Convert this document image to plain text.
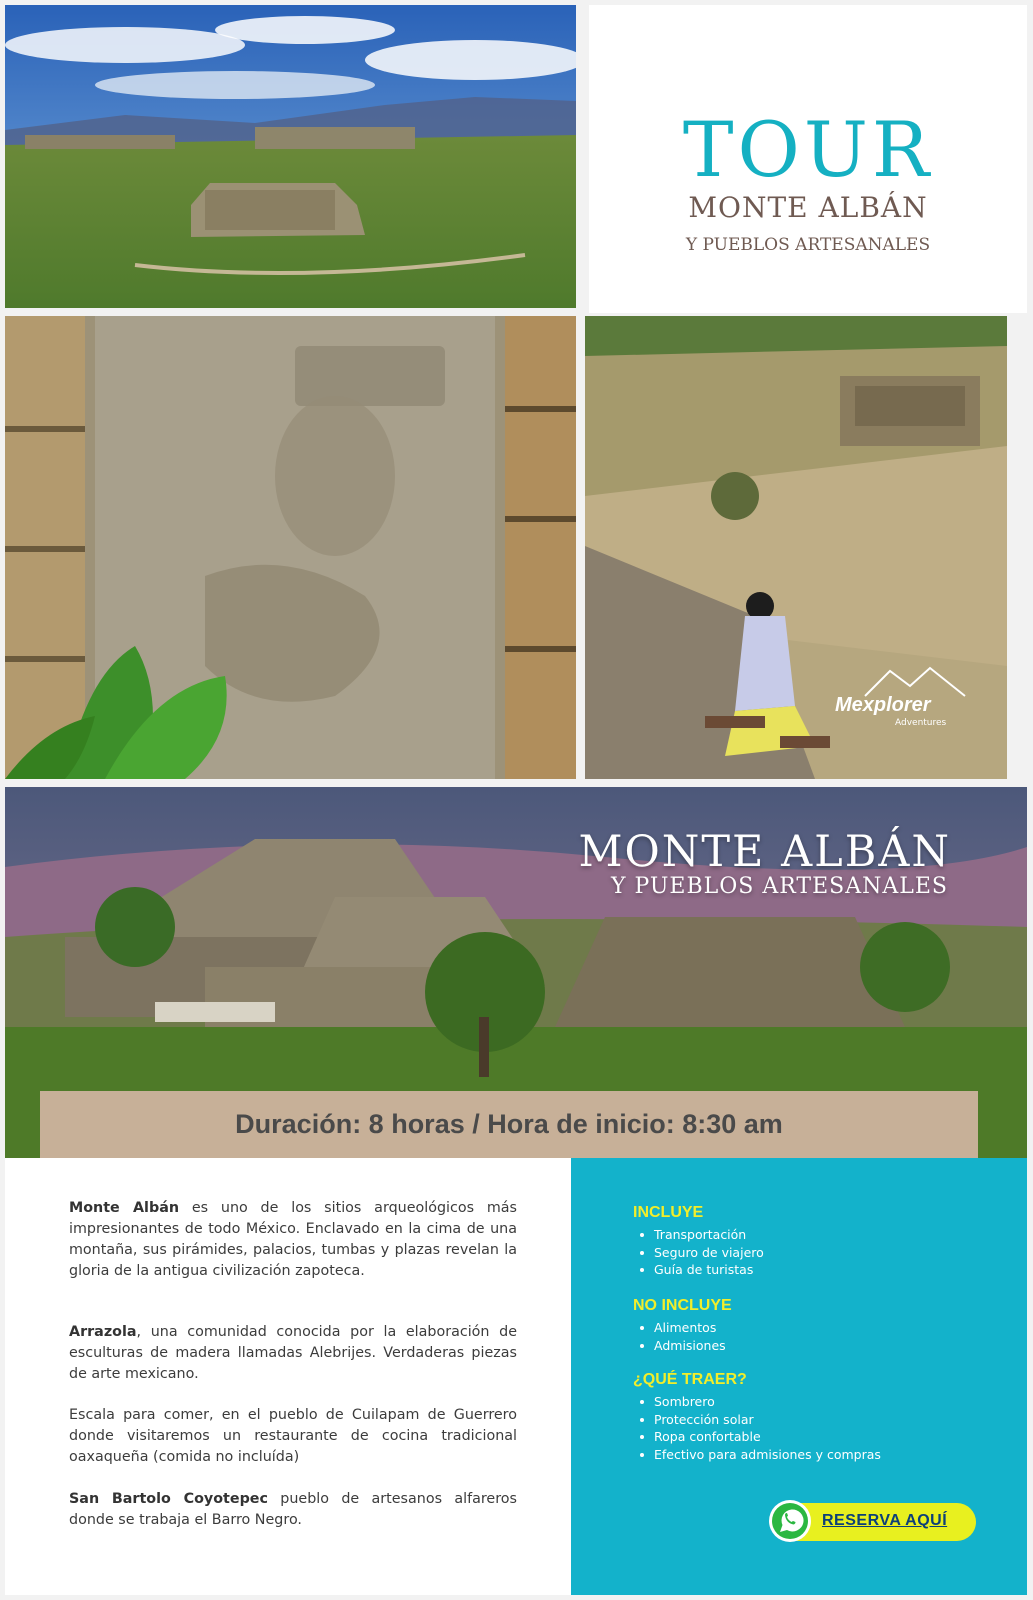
TOUR
MONTE ALBÁN
Y PUEBLOS ARTESANALES
Mexplorer
Adventures
MONTE ALBÁN
Y PUEBLOS ARTESANALES
Duración: 8 horas / Hora de inicio: 8:30 am
Monte Albán es uno de los sitios arqueológicos más impresionantes de todo México. Enclavado en la cima de una montaña, sus pirámides, palacios, tumbas y plazas revelan la gloria de la antigua civilización zapoteca.
Arrazola, una comunidad conocida por la elaboración de esculturas de madera llamadas Alebrijes. Verdaderas piezas de arte mexicano.
Escala para comer, en el pueblo de Cuilapam de Guerrero donde visitaremos un restaurante de cocina tradicional oaxaqueña (comida no incluída)
San Bartolo Coyotepec pueblo de artesanos alfareros donde se trabaja el Barro Negro.
INCLUYE
Transportación
Seguro de viajero
Guía de turistas
NO INCLUYE
Alimentos
Admisiones
¿QUÉ TRAER?
Sombrero
Protección solar
Ropa confortable
Efectivo para admisiones y compras
RESERVA AQUÍ
